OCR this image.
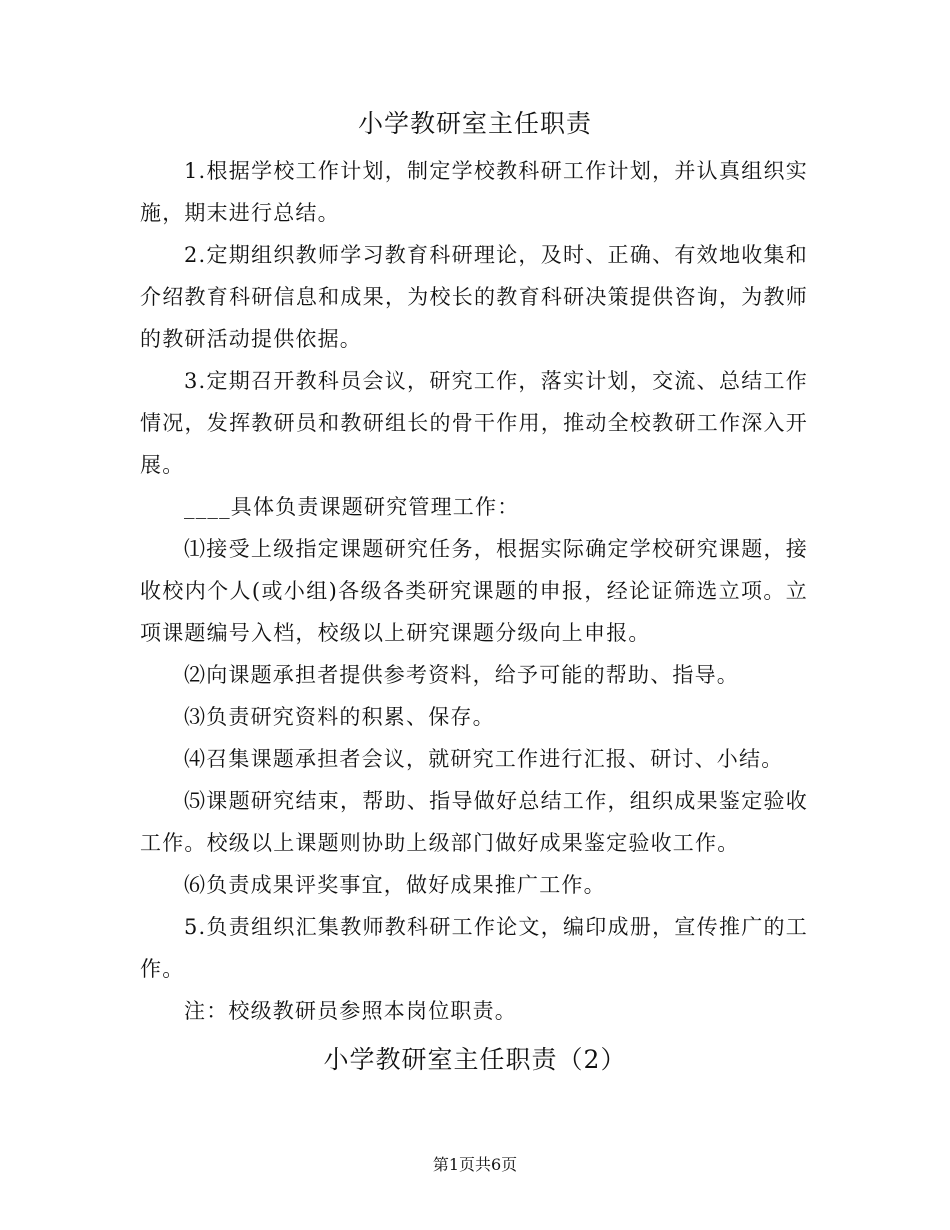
小学教研室主任职责

1.根据学校工作计划，制定学校教科研工作计划，并认真组织实施，期末进行总结。

2.定期组织教师学习教育科研理论，及时、正确、有效地收集和介绍教育科研信息和成果，为校长的教育科研决策提供咨询，为教师的教研活动提供依据。

3.定期召开教科员会议，研究工作，落实计划，交流、总结工作情况，发挥教研员和教研组长的骨干作用，推动全校教研工作深入开展。

____具体负责课题研究管理工作：

⑴接受上级指定课题研究任务，根据实际确定学校研究课题，接收校内个人(或小组)各级各类研究课题的申报，经论证筛选立项。立项课题编号入档，校级以上研究课题分级向上申报。

⑵向课题承担者提供参考资料，给予可能的帮助、指导。

⑶负责研究资料的积累、保存。

⑷召集课题承担者会议，就研究工作进行汇报、研讨、小结。

⑸课题研究结束，帮助、指导做好总结工作，组织成果鉴定验收工作。校级以上课题则协助上级部门做好成果鉴定验收工作。

⑹负责成果评奖事宜，做好成果推广工作。

5.负责组织汇集教师教科研工作论文，编印成册，宣传推广的工作。

注：校级教研员参照本岗位职责。

小学教研室主任职责（2）
第1页共6页
